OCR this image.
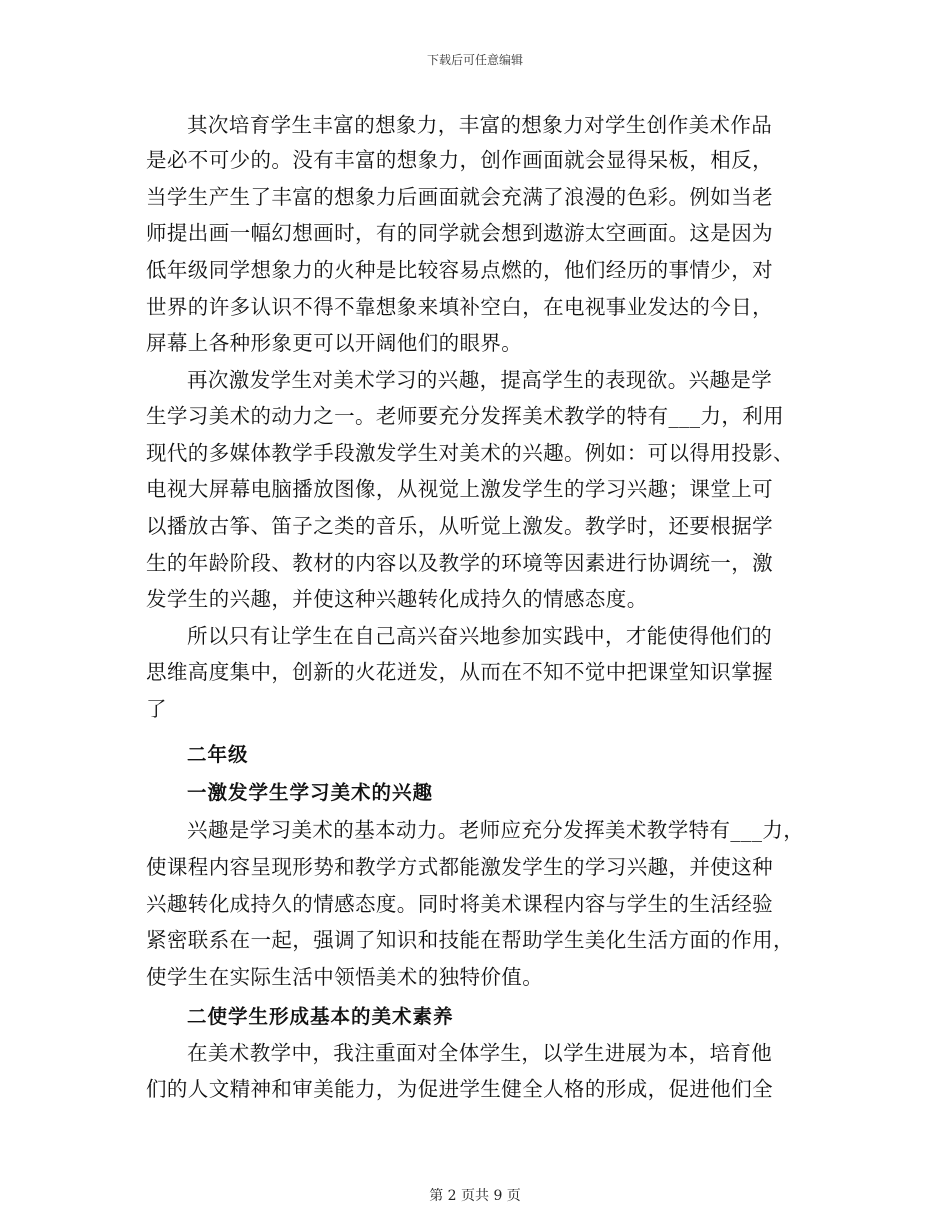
下载后可任意编辑
其次培育学生丰富的想象力，丰富的想象力对学生创作美术作品
是必不可少的。没有丰富的想象力，创作画面就会显得呆板，相反，
当学生产生了丰富的想象力后画面就会充满了浪漫的色彩。例如当老
师提出画一幅幻想画时，有的同学就会想到遨游太空画面。这是因为
低年级同学想象力的火种是比较容易点燃的，他们经历的事情少，对
世界的许多认识不得不靠想象来填补空白，在电视事业发达的今日，
屏幕上各种形象更可以开阔他们的眼界。
再次激发学生对美术学习的兴趣，提高学生的表现欲。兴趣是学
生学习美术的动力之一。老师要充分发挥美术教学的特有___力，利用
现代的多媒体教学手段激发学生对美术的兴趣。例如：可以得用投影、
电视大屏幕电脑播放图像，从视觉上激发学生的学习兴趣；课堂上可
以播放古筝、笛子之类的音乐，从听觉上激发。教学时，还要根据学
生的年龄阶段、教材的内容以及教学的环境等因素进行协调统一，激
发学生的兴趣，并使这种兴趣转化成持久的情感态度。
所以只有让学生在自己高兴奋兴地参加实践中，才能使得他们的
思维高度集中，创新的火花迸发，从而在不知不觉中把课堂知识掌握
了
二年级
一激发学生学习美术的兴趣
兴趣是学习美术的基本动力。老师应充分发挥美术教学特有___力，
使课程内容呈现形势和教学方式都能激发学生的学习兴趣，并使这种
兴趣转化成持久的情感态度。同时将美术课程内容与学生的生活经验
紧密联系在一起，强调了知识和技能在帮助学生美化生活方面的作用，
使学生在实际生活中领悟美术的独特价值。
二使学生形成基本的美术素养
在美术教学中，我注重面对全体学生，以学生进展为本，培育他
们的人文精神和审美能力，为促进学生健全人格的形成，促进他们全
第 2 页共 9 页
